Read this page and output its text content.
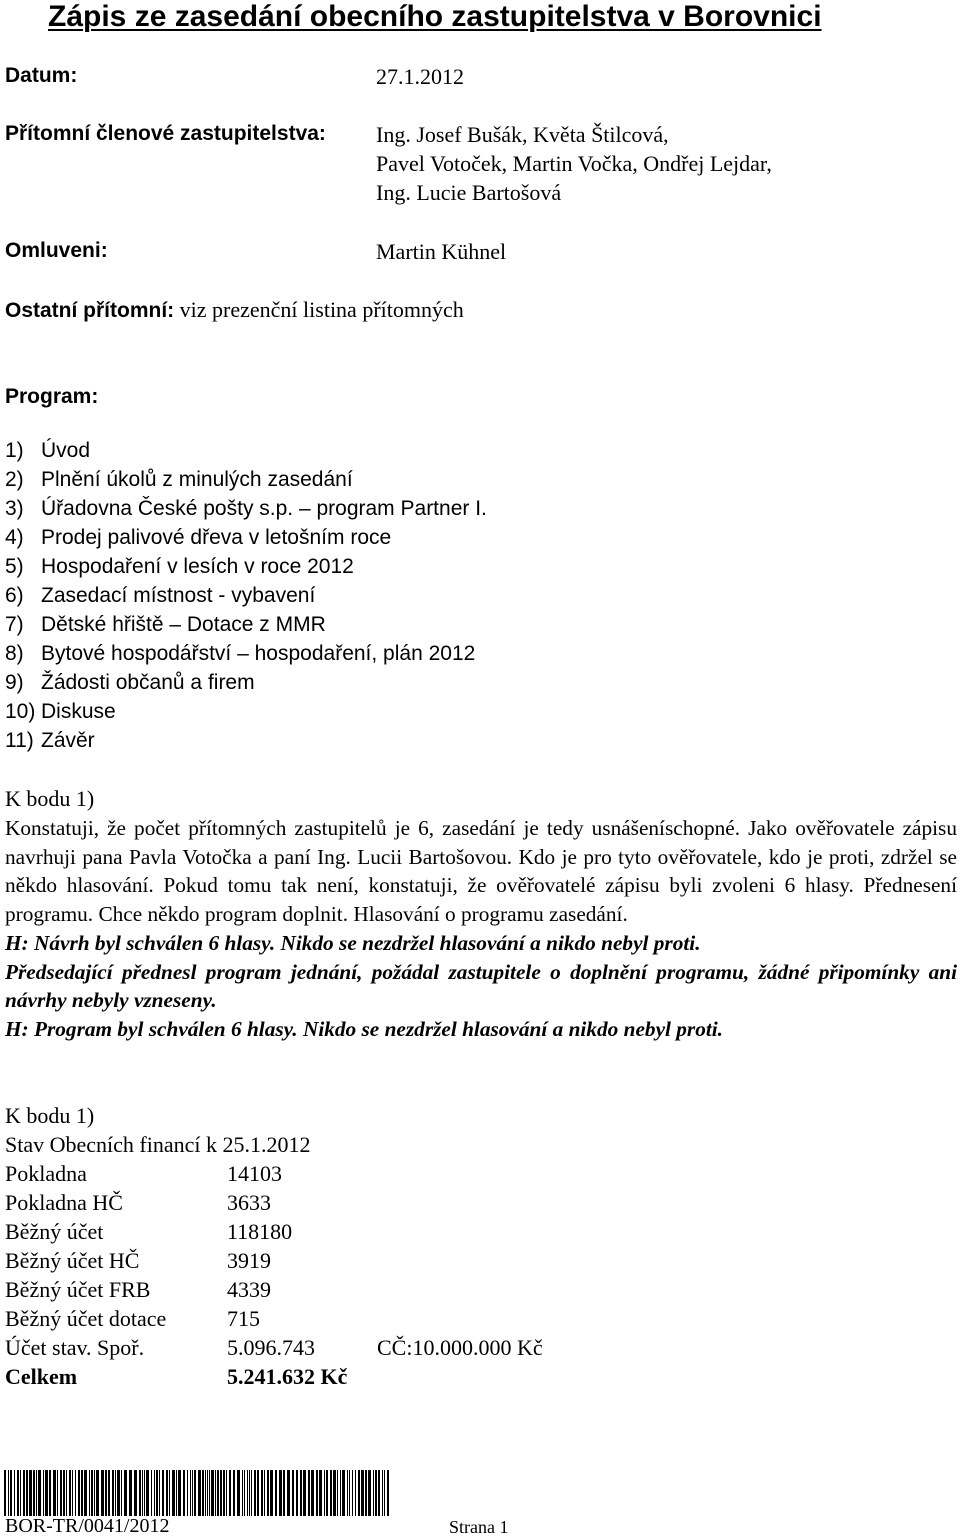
Zápis ze zasedání obecního zastupitelstva v Borovnici
Datum:	27.1.2012
Přítomní členové zastupitelstva: Ing. Josef Bušák, Květa Štilcová,
Pavel Votoček, Martin Vočka, Ondřej Lejdar,
Ing. Lucie Bartošová
Omluveni:	Martin Kühnel
Ostatní přítomní: viz prezenční listina přítomných
Program:
1) Úvod
2) Plnění úkolů z minulých zasedání
3) Úřadovna České pošty s.p. – program Partner I.
4) Prodej palivové dřeva v letošním roce
5) Hospodaření v lesích v roce 2012
6) Zasedací místnost - vybavení
7) Dětské hřiště – Dotace z MMR
8) Bytové hospodářství – hospodaření, plán 2012
9) Žádosti občanů a firem
10) Diskuse
11) Závěr
K bodu 1)

Konstatuji, že počet přítomných zastupitelů je 6, zasedání je tedy usnášeníschopné. Jako ověřovatele zápisu navrhuji pana Pavla Votočka a paní Ing. Lucii Bartošovou. Kdo je pro tyto ověřovatele, kdo je proti, zdržel se někdo hlasování. Pokud tomu tak není, konstatuji, že ověřovatelé zápisu byli zvoleni 6 hlasy. Přednesení programu. Chce někdo program doplnit. Hlasování o programu zasedání.

H: Návrh byl schválen 6 hlasy. Nikdo se nezdržel hlasování a nikdo nebyl proti.

Předsedající přednesl program jednání, požádal zastupitele o doplnění programu, žádné připomínky ani návrhy nebyly vzneseny.

H: Program byl schválen 6 hlasy. Nikdo se nezdržel hlasování a nikdo nebyl proti.

K bodu 1)
Stav Obecních financí k 25.1.2012
Pokladna	14103
Pokladna HČ	3633
Běžný účet	118180
Běžný účet HČ	3919
Běžný účet FRB	4339
Běžný účet dotace	715
Účet stav. Spoř.	5.096.743	CČ:10.000.000 Kč
Celkem	5.241.632 Kč
BOR-TR/0041/2012	Strana 1
